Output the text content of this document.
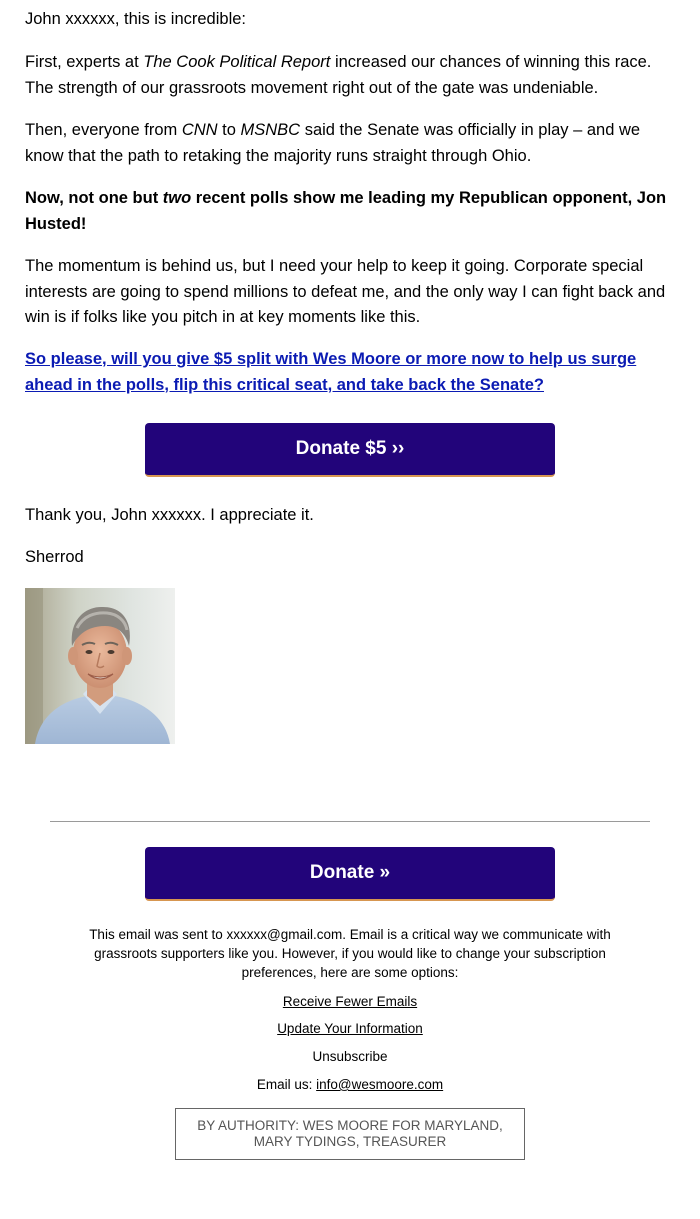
John xxxxxx, this is incredible:

First, experts at The Cook Political Report increased our chances of winning this race. The strength of our grassroots movement right out of the gate was undeniable.

Then, everyone from CNN to MSNBC said the Senate was officially in play – and we know that the path to retaking the majority runs straight through Ohio.

Now, not one but two recent polls show me leading my Republican opponent, Jon Husted!

The momentum is behind us, but I need your help to keep it going. Corporate special interests are going to spend millions to defeat me, and the only way I can fight back and win is if folks like you pitch in at key moments like this.

So please, will you give $5 split with Wes Moore or more now to help us surge ahead in the polls, flip this critical seat, and take back the Senate?
Donate $5 ››

Thank you, John xxxxxx. I appreciate it.

Sherrod

Donate »
This email was sent to xxxxxx@gmail.com. Email is a critical way we communicate with grassroots supporters like you. However, if you would like to change your subscription preferences, here are some options:
Receive Fewer Emails
Update Your Information
Unsubscribe
Email us: info@wesmoore.com
BY AUTHORITY: WES MOORE FOR MARYLAND,
MARY TYDINGS, TREASURER
